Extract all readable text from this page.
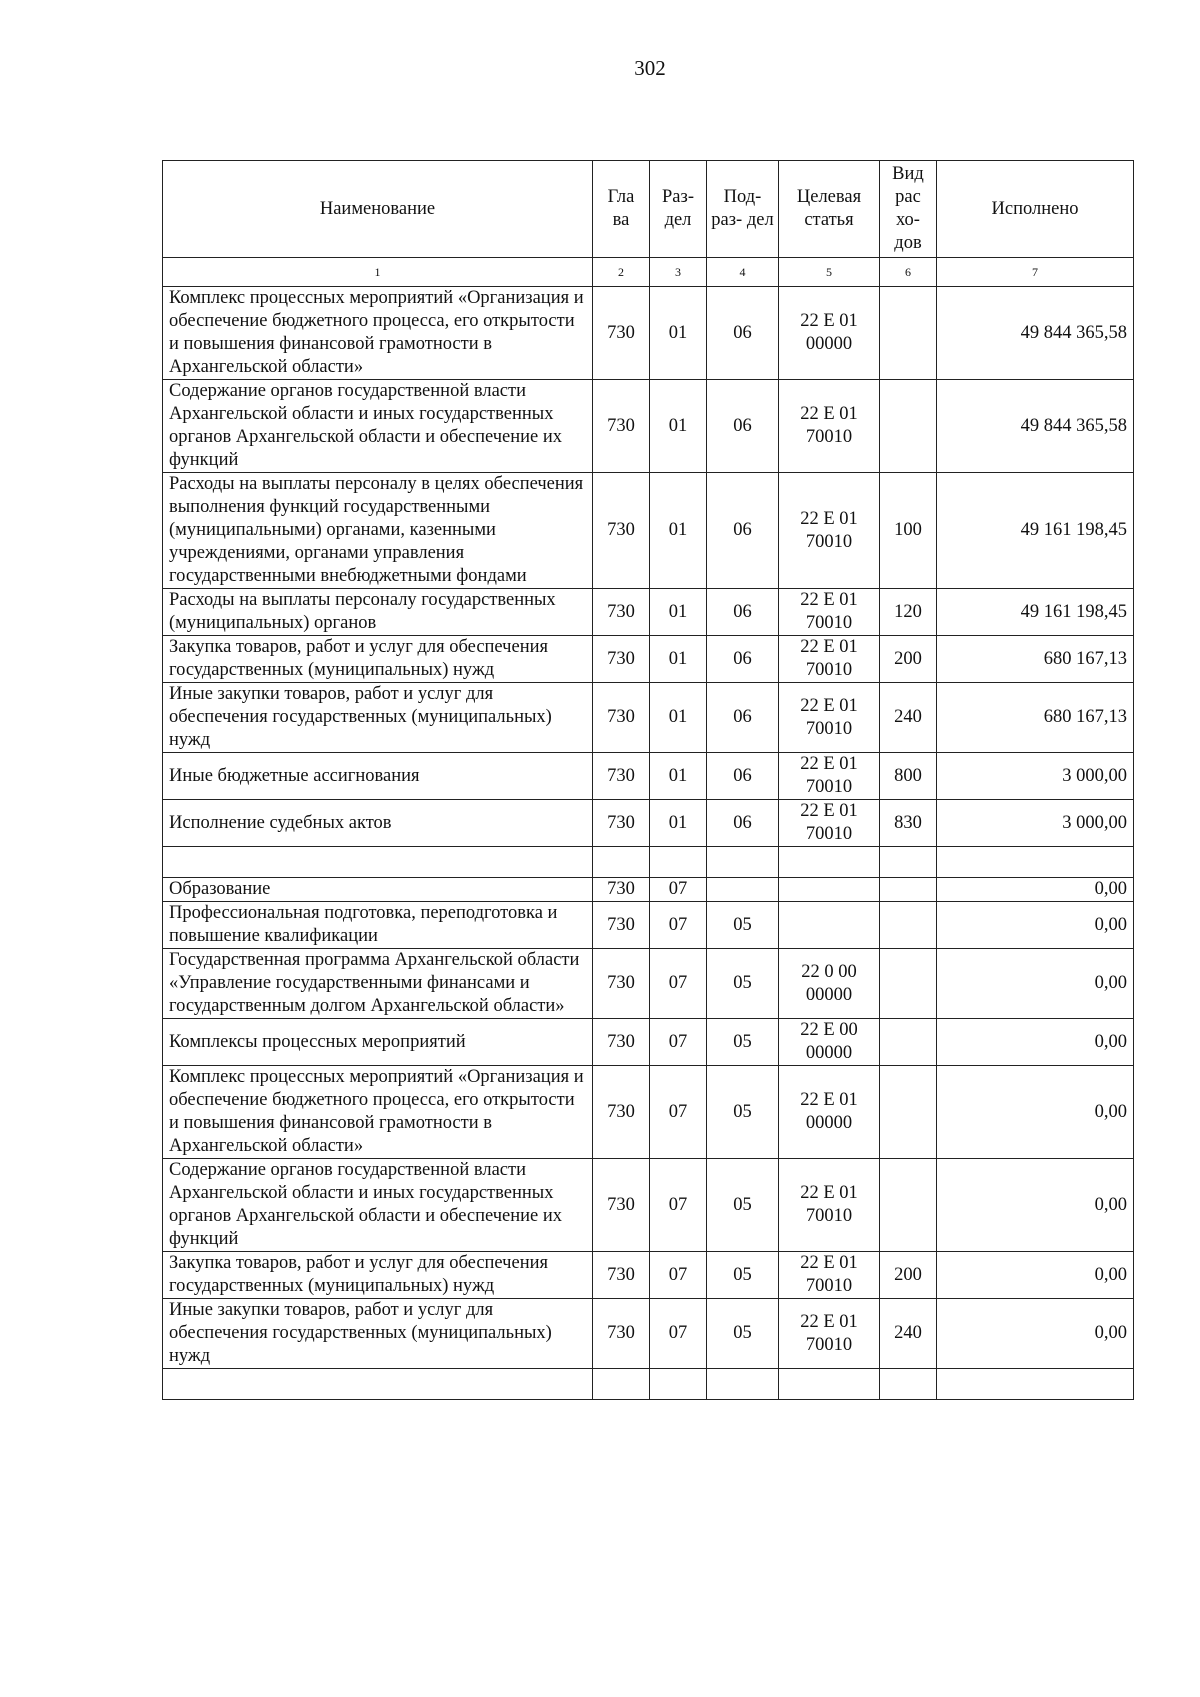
302
Наименование	Гла ва	Раз- дел	Под- раз- дел	Целевая статья	Вид рас хо- дов	Исполнено
1	2	3	4	5	6	7
Комплекс процессных мероприятий «Организация и обеспечение бюджетного процесса, его открытости и повышения финансовой грамотности в Архангельской области»	730	01	06	22 Е 01 00000		49 844 365,58
Содержание органов государственной власти Архангельской области и иных государственных органов Архангельской области и обеспечение их функций	730	01	06	22 Е 01 70010		49 844 365,58
Расходы на выплаты персоналу в целях обеспечения выполнения функций государственными (муниципальными) органами, казенными учреждениями, органами управления государственными внебюджетными фондами	730	01	06	22 Е 01 70010	100	49 161 198,45
Расходы на выплаты персоналу государственных (муниципальных) органов	730	01	06	22 Е 01 70010	120	49 161 198,45
Закупка товаров, работ и услуг для обеспечения государственных (муниципальных) нужд	730	01	06	22 Е 01 70010	200	680 167,13
Иные закупки товаров, работ и услуг для обеспечения государственных (муниципальных) нужд	730	01	06	22 Е 01 70010	240	680 167,13
Иные бюджетные ассигнования	730	01	06	22 Е 01 70010	800	3 000,00
Исполнение судебных актов	730	01	06	22 Е 01 70010	830	3 000,00

Образование	730	07				0,00
Профессиональная подготовка, переподготовка и повышение квалификации	730	07	05			0,00
Государственная программа Архангельской области «Управление государственными финансами и государственным долгом Архангельской области»	730	07	05	22 0 00 00000		0,00
Комплексы процессных мероприятий	730	07	05	22 Е 00 00000		0,00
Комплекс процессных мероприятий «Организация и обеспечение бюджетного процесса, его открытости и повышения финансовой грамотности в Архангельской области»	730	07	05	22 Е 01 00000		0,00
Содержание органов государственной власти Архангельской области и иных государственных органов Архангельской области и обеспечение их функций	730	07	05	22 Е 01 70010		0,00
Закупка товаров, работ и услуг для обеспечения государственных (муниципальных) нужд	730	07	05	22 Е 01 70010	200	0,00
Иные закупки товаров, работ и услуг для обеспечения государственных (муниципальных) нужд	730	07	05	22 Е 01 70010	240	0,00
